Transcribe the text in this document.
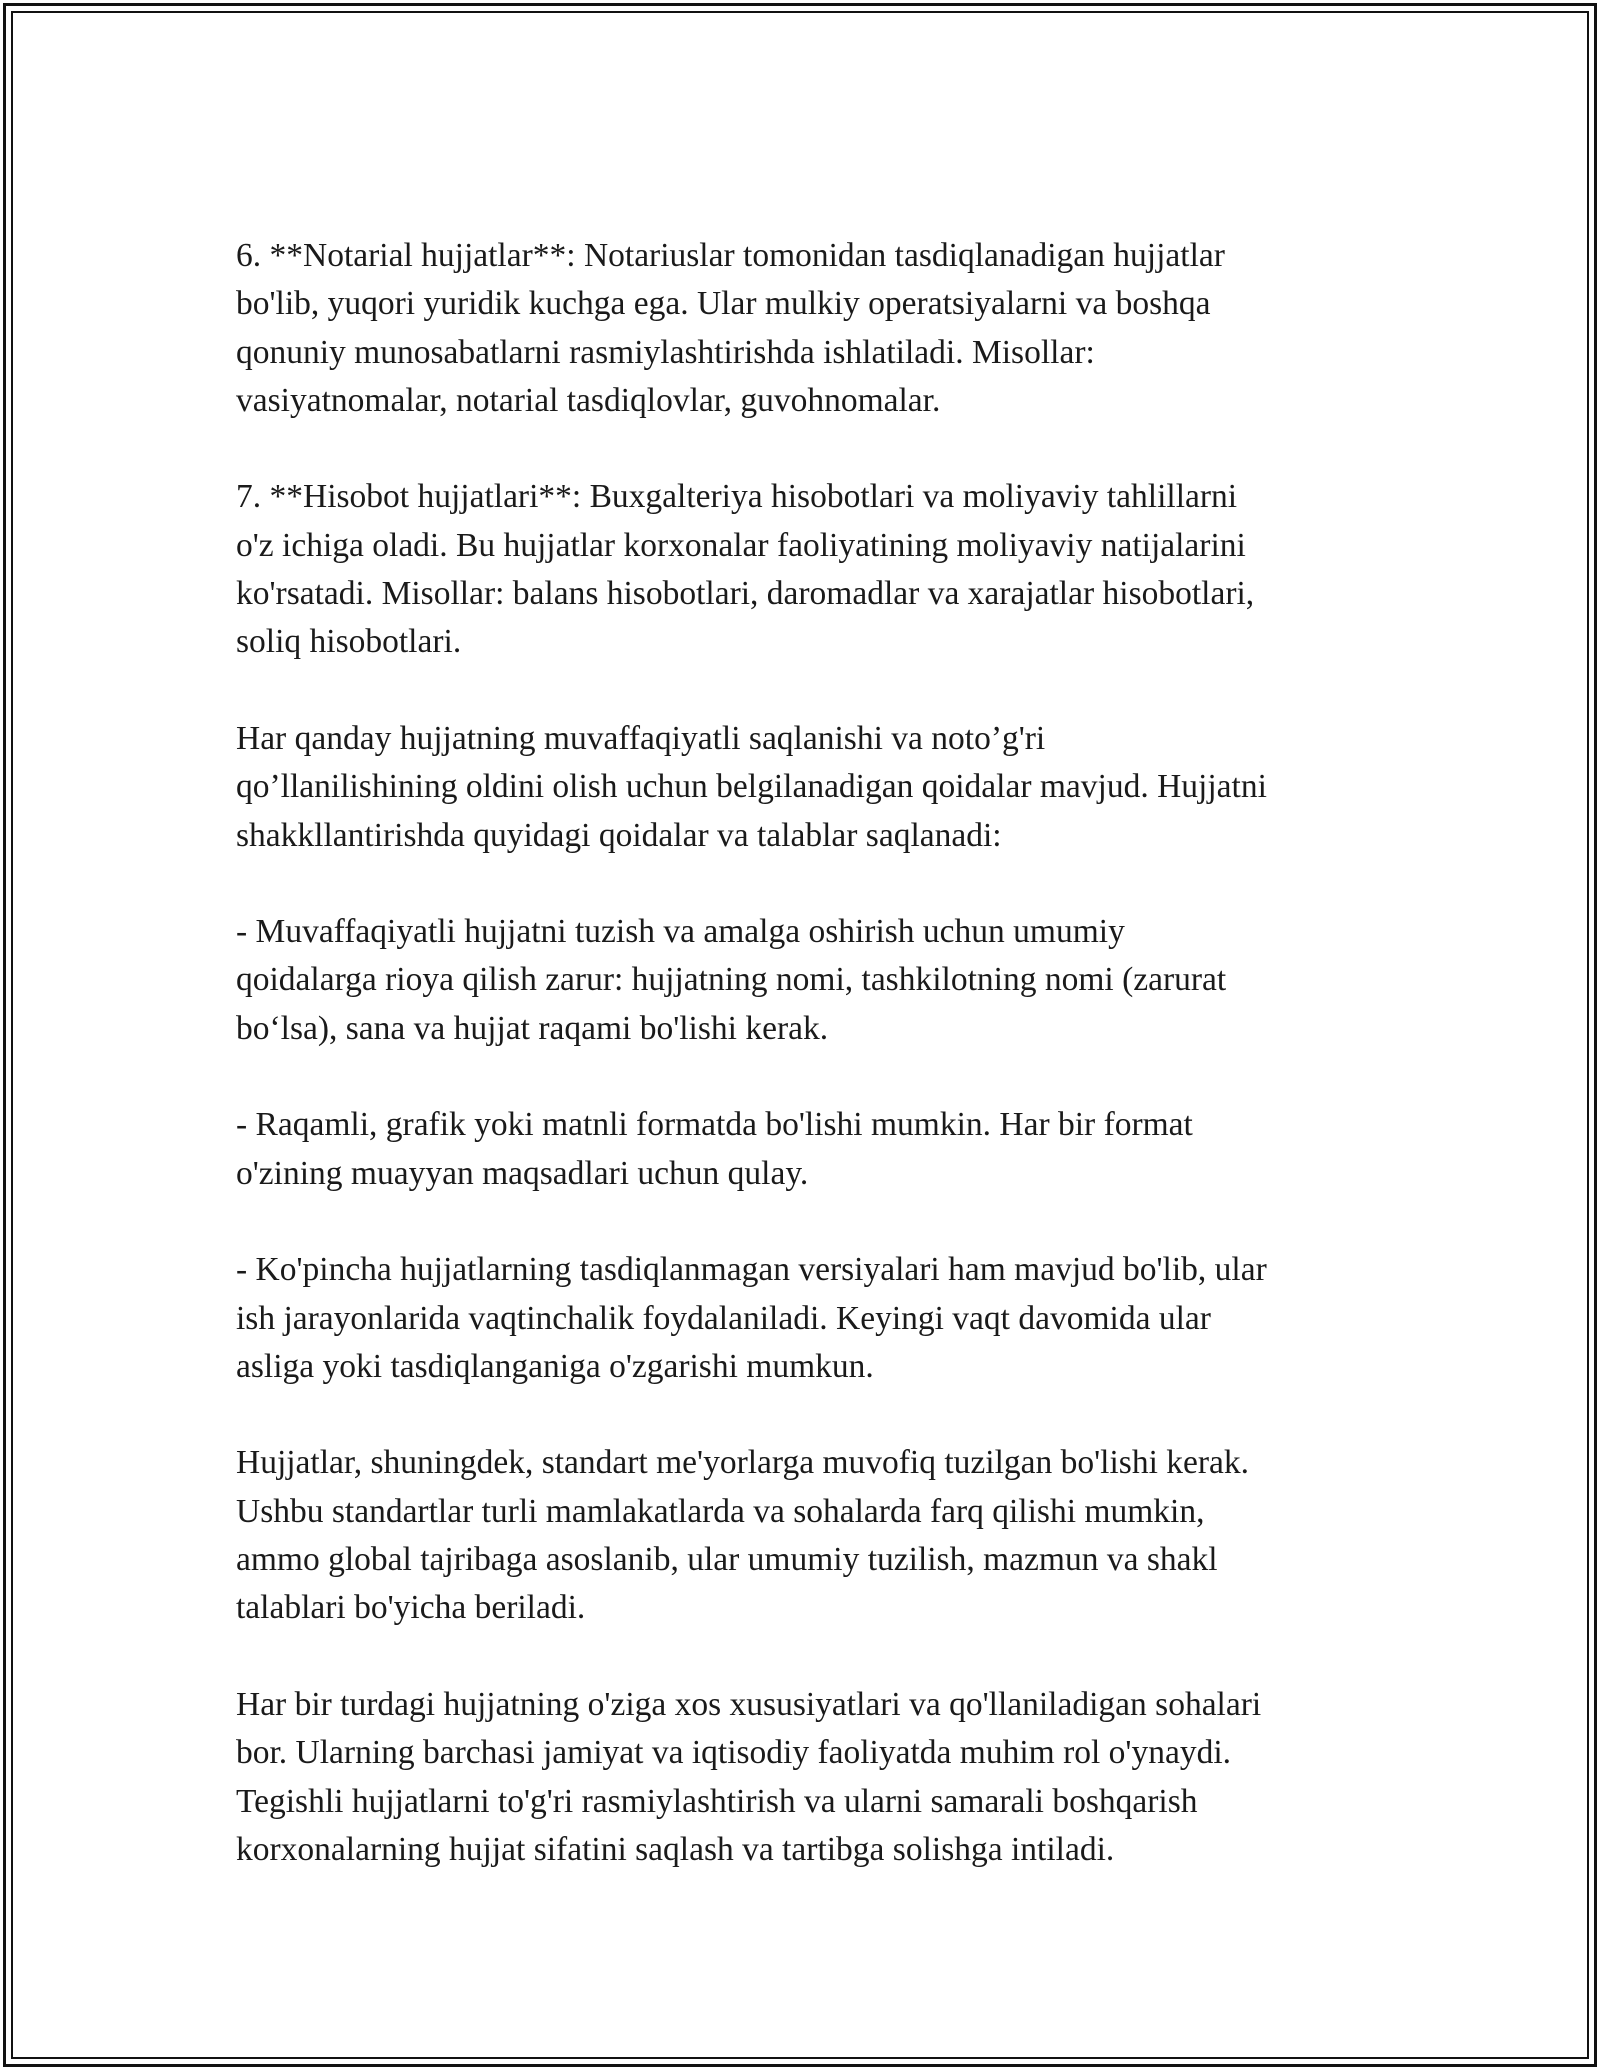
6. **Notarial hujjatlar**: Notariuslar tomonidan tasdiqlanadigan hujjatlar
bo'lib, yuqori yuridik kuchga ega. Ular mulkiy operatsiyalarni va boshqa
qonuniy munosabatlarni rasmiylashtirishda ishlatiladi. Misollar:
vasiyatnomalar, notarial tasdiqlovlar, guvohnomalar.

7. **Hisobot hujjatlari**: Buxgalteriya hisobotlari va moliyaviy tahlillarni
o'z ichiga oladi. Bu hujjatlar korxonalar faoliyatining moliyaviy natijalarini
ko'rsatadi. Misollar: balans hisobotlari, daromadlar va xarajatlar hisobotlari,
soliq hisobotlari.

Har qanday hujjatning muvaffaqiyatli saqlanishi va noto’g'ri
qo’llanilishining oldini olish uchun belgilanadigan qoidalar mavjud. Hujjatni
shakkllantirishda quyidagi qoidalar va talablar saqlanadi:

- Muvaffaqiyatli hujjatni tuzish va amalga oshirish uchun umumiy
qoidalarga rioya qilish zarur: hujjatning nomi, tashkilotning nomi (zarurat
bo‘lsa), sana va hujjat raqami bo'lishi kerak.

- Raqamli, grafik yoki matnli formatda bo'lishi mumkin. Har bir format
o'zining muayyan maqsadlari uchun qulay.

- Ko'pincha hujjatlarning tasdiqlanmagan versiyalari ham mavjud bo'lib, ular
ish jarayonlarida vaqtinchalik foydalaniladi. Keyingi vaqt davomida ular
asliga yoki tasdiqlanganiga o'zgarishi mumkun.

Hujjatlar, shuningdek, standart me'yorlarga muvofiq tuzilgan bo'lishi kerak.
Ushbu standartlar turli mamlakatlarda va sohalarda farq qilishi mumkin,
ammo global tajribaga asoslanib, ular umumiy tuzilish, mazmun va shakl
talablari bo'yicha beriladi.

Har bir turdagi hujjatning o'ziga xos xususiyatlari va qo'llaniladigan sohalari
bor. Ularning barchasi jamiyat va iqtisodiy faoliyatda muhim rol o'ynaydi.
Tegishli hujjatlarni to'g'ri rasmiylashtirish va ularni samarali boshqarish
korxonalarning hujjat sifatini saqlash va tartibga solishga intiladi.
